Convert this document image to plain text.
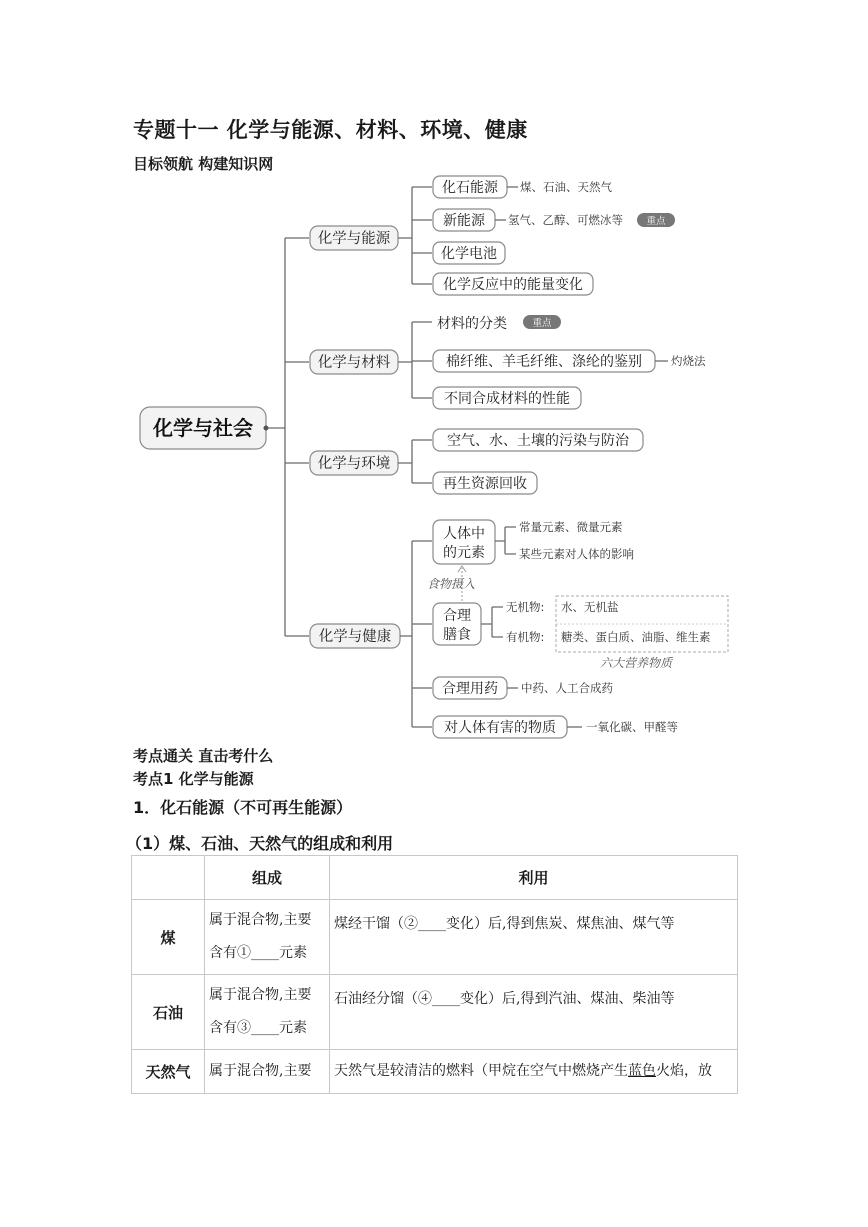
专题十一 化学与能源、材料、环境、健康
目标领航 构建知识网
化学与社会
化学与能源
化学与材料
化学与环境
化学与健康
化石能源 煤、石油、天然气
新能源 氢气、乙醇、可燃冰等 重点
化学电池
化学反应中的能量变化
材料的分类	重点
棉纤维、羊毛纤维、涤纶的鉴别	灼烧法
不同合成材料的性能
空气、水、土壤的污染与防治
再生资源回收
人体中
的元素
常量元素、微量元素
某些元素对人体的影响
食物摄入
合理
膳食
无机物:
有机物:
水、无机盐
糖类、蛋白质、油脂、维生素
六大营养物质
合理用药 中药、人工合成药
对人体有害的物质	一氧化碳、甲醛等
考点通关 直击考什么
考点1 化学与能源
1．化石能源（不可再生能源）
（1）煤、石油、天然气的组成和利用
	组成	利用
煤	属于混合物,主要
含有①____元素	煤经干馏（②____变化）后,得到焦炭、煤焦油、煤气等

石油	属于混合物,主要
含有③____元素	石油经分馏（④____变化）后,得到汽油、煤油、柴油等

天然气	属于混合物,主要	天然气是较清洁的燃料（甲烷在空气中燃烧产生蓝色火焰，放
